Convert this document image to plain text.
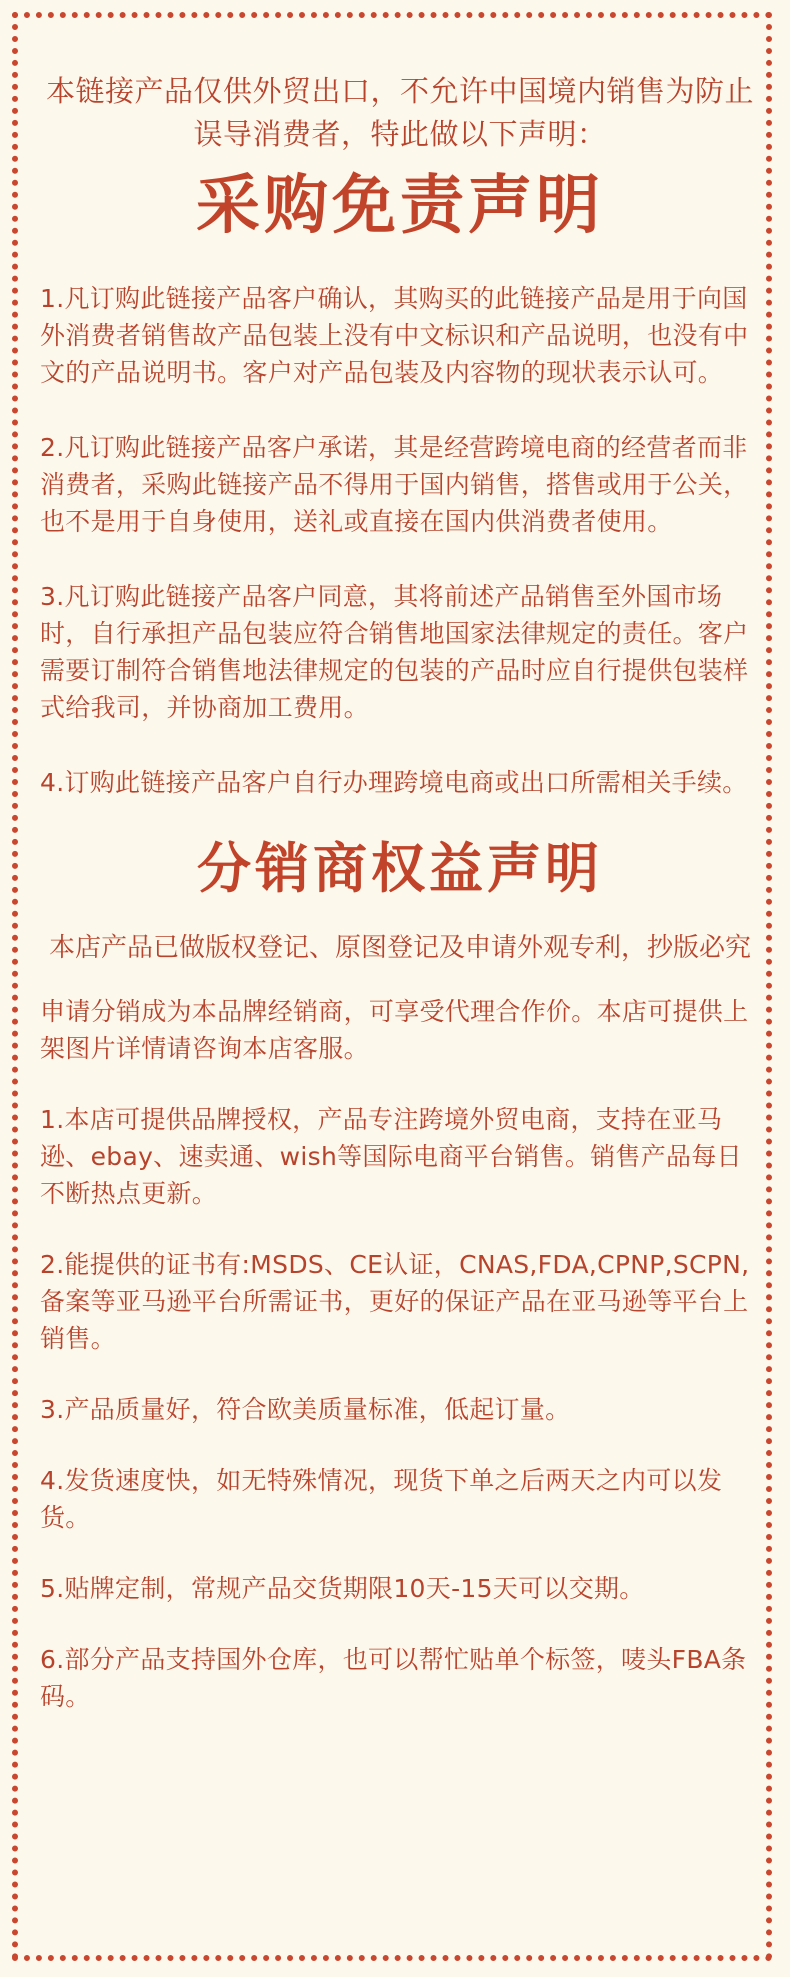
本链接产品仅供外贸出口，不允许中国境内销售为防止误导消费者，特此做以下声明：

采购免责声明

1.凡订购此链接产品客户确认，其购买的此链接产品是用于向国外消费者销售故产品包装上没有中文标识和产品说明，也没有中文的产品说明书。客户对产品包装及内容物的现状表示认可。

2.凡订购此链接产品客户承诺，其是经营跨境电商的经营者而非消费者，采购此链接产品不得用于国内销售，搭售或用于公关，也不是用于自身使用，送礼或直接在国内供消费者使用。

3.凡订购此链接产品客户同意，其将前述产品销售至外国市场时，自行承担产品包装应符合销售地国家法律规定的责任。客户需要订制符合销售地法律规定的包装的产品时应自行提供包装样式给我司，并协商加工费用。

4.订购此链接产品客户自行办理跨境电商或出口所需相关手续。

分销商权益声明

本店产品已做版权登记、原图登记及申请外观专利，抄版必究

申请分销成为本品牌经销商，可享受代理合作价。本店可提供上架图片详情请咨询本店客服。

1.本店可提供品牌授权，产品专注跨境外贸电商，支持在亚马逊、ebay、速卖通、wish等国际电商平台销售。销售产品每日不断热点更新。

2.能提供的证书有:MSDS、CE认证，CNAS,FDA,CPNP,SCPN,备案等亚马逊平台所需证书，更好的保证产品在亚马逊等平台上销售。

3.产品质量好，符合欧美质量标准，低起订量。

4.发货速度快，如无特殊情况，现货下单之后两天之内可以发货。

5.贴牌定制，常规产品交货期限10天-15天可以交期。

6.部分产品支持国外仓库，也可以帮忙贴单个标签，唛头FBA条码。
